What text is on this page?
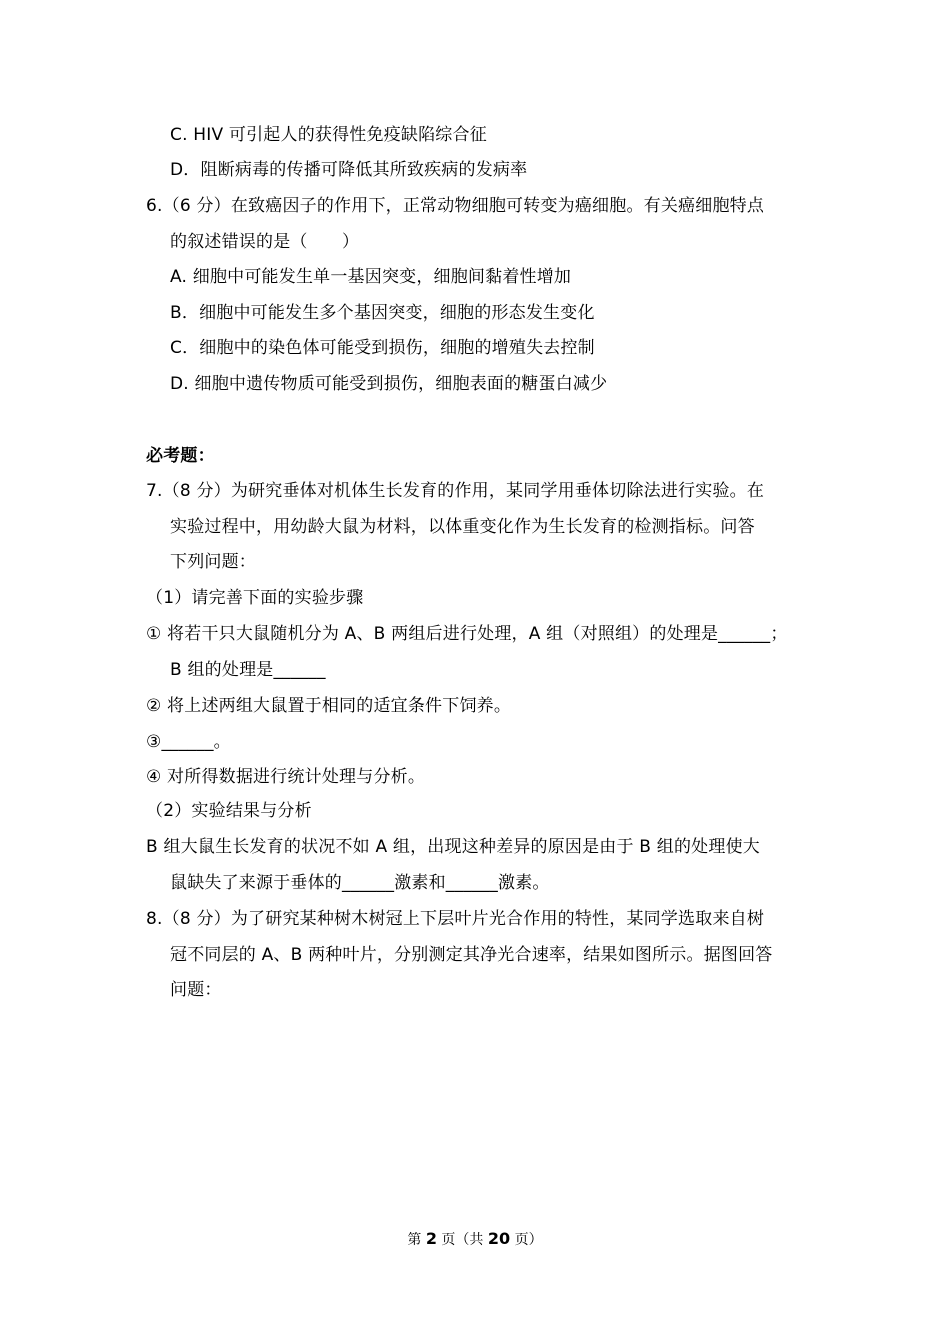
C. HIV 可引起人的获得性免疫缺陷综合征
D．阻断病毒的传播可降低其所致疾病的发病率
6.（6 分）在致癌因子的作用下，正常动物细胞可转变为癌细胞。有关癌细胞特点
的叙述错误的是（　　）
A. 细胞中可能发生单一基因突变，细胞间黏着性增加
B．细胞中可能发生多个基因突变，细胞的形态发生变化
C．细胞中的染色体可能受到损伤，细胞的增殖失去控制
D. 细胞中遗传物质可能受到损伤，细胞表面的糖蛋白减少
必考题：
7.（8 分）为研究垂体对机体生长发育的作用，某同学用垂体切除法进行实验。在
实验过程中，用幼龄大鼠为材料，以体重变化作为生长发育的检测指标。问答
下列问题：
（1）请完善下面的实验步骤
① 将若干只大鼠随机分为 A、B 两组后进行处理，A 组（对照组）的处理是______；
B 组的处理是______
② 将上述两组大鼠置于相同的适宜条件下饲养。
③______。
④ 对所得数据进行统计处理与分析。
（2）实验结果与分析
B 组大鼠生长发育的状况不如 A 组，出现这种差异的原因是由于 B 组的处理使大
鼠缺失了来源于垂体的______激素和______激素。
8.（8 分）为了研究某种树木树冠上下层叶片光合作用的特性，某同学选取来自树
冠不同层的 A、B 两种叶片，分别测定其净光合速率，结果如图所示。据图回答
问题：
第 2 页（共 20 页）
